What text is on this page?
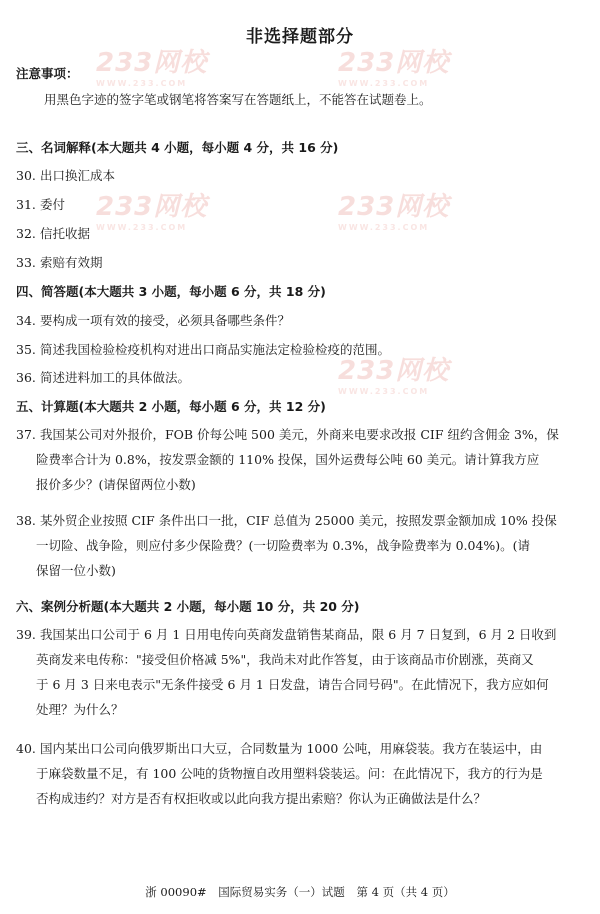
233网校
WWW.233.COM
233网校
WWW.233.COM
233网校
WWW.233.COM
233网校
WWW.233.COM
233网校
WWW.233.COM
非选择题部分
注意事项：
用黑色字迹的签字笔或钢笔将答案写在答题纸上，不能答在试题卷上。
三、名词解释(本大题共 4 小题，每小题 4 分，共 16 分)
30. 出口换汇成本
31. 委付
32. 信托收据
33. 索赔有效期
四、简答题(本大题共 3 小题，每小题 6 分，共 18 分)
34. 要构成一项有效的接受，必须具备哪些条件？
35. 简述我国检验检疫机构对进出口商品实施法定检验检疫的范围。
36. 简述进料加工的具体做法。
五、计算题(本大题共 2 小题，每小题 6 分，共 12 分)
37. 我国某公司对外报价，FOB 价每公吨 500 美元，外商来电要求改报 CIF 纽约含佣金 3%，保
险费率合计为 0.8%，按发票金额的 110% 投保，国外运费每公吨 60 美元。请计算我方应
报价多少？(请保留两位小数)
38. 某外贸企业按照 CIF 条件出口一批，CIF 总值为 25000 美元，按照发票金额加成 10% 投保
一切险、战争险，则应付多少保险费？(一切险费率为 0.3%，战争险费率为 0.04%)。(请
保留一位小数)
六、案例分析题(本大题共 2 小题，每小题 10 分，共 20 分)
39. 我国某出口公司于 6 月 1 日用电传向英商发盘销售某商品，限 6 月 7 日复到，6 月 2 日收到
英商发来电传称："接受但价格减 5%"，我尚未对此作答复，由于该商品市价剧涨，英商又
于 6 月 3 日来电表示"无条件接受 6 月 1 日发盘，请告合同号码"。在此情况下，我方应如何
处理？为什么？
40. 国内某出口公司向俄罗斯出口大豆，合同数量为 1000 公吨，用麻袋装。我方在装运中，由
于麻袋数量不足，有 100 公吨的货物擅自改用塑料袋装运。问：在此情况下，我方的行为是
否构成违约？对方是否有权拒收或以此向我方提出索赔？你认为正确做法是什么？
浙 00090# 国际贸易实务（一）试题 第 4 页（共 4 页）
